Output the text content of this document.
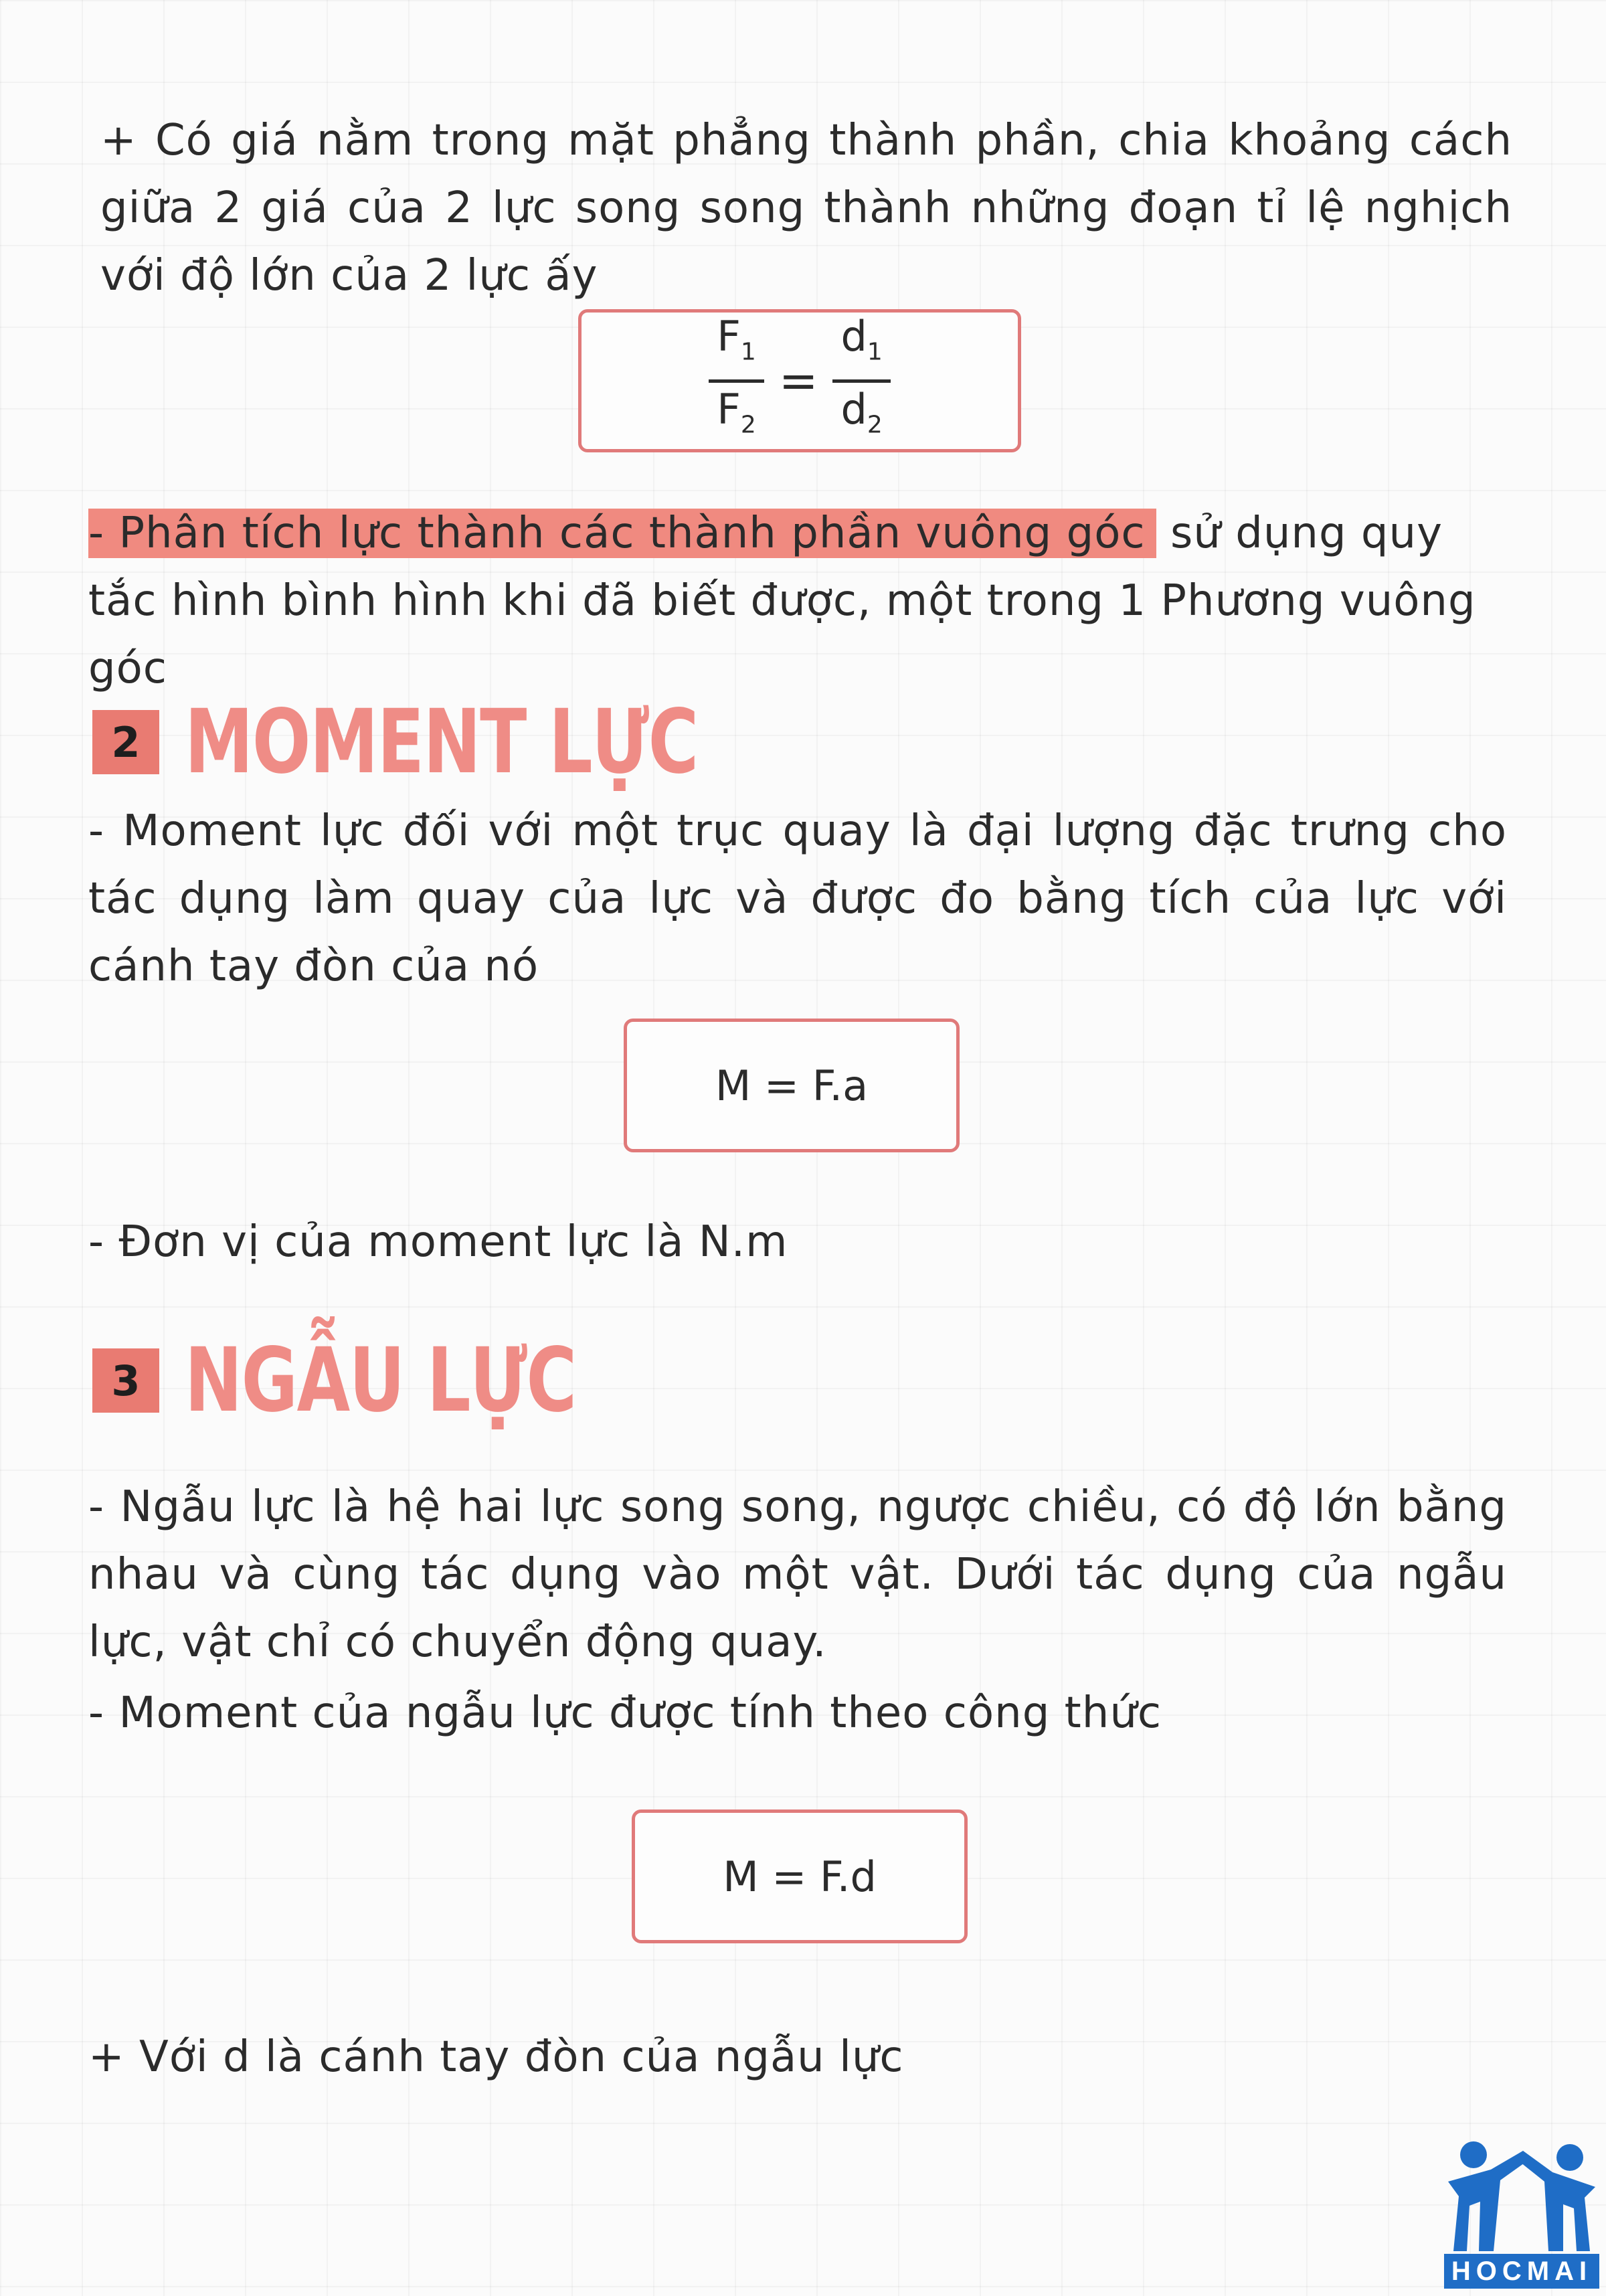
+ Có giá nằm trong mặt phẳng thành phần, chia khoảng cách giữa 2 giá của 2 lực song song thành những đoạn tỉ lệ nghịch với độ lớn của 2 lực ấy
$F_1$
$F_2$
=
$d_1$
$d_2$
- Phân tích lực thành các thành phần vuông góc sử dụng quy tắc hình bình hình khi đã biết được, một trong 1 Phương vuông góc
2 MOMENT LỰC
- Moment lực đối với một trục quay là đại lượng đặc trưng cho tác dụng làm quay của lực và được đo bằng tích của lực với cánh tay đòn của nó
M = F.a
- Đơn vị của moment lực là N.m
3 NGẪU LỰC
- Ngẫu lực là hệ hai lực song song, ngược chiều, có độ lớn bằng nhau và cùng tác dụng vào một vật. Dưới tác dụng của ngẫu lực, vật chỉ có chuyển động quay.
- Moment của ngẫu lực được tính theo công thức
M = F.d
+ Với d là cánh tay đòn của ngẫu lực
HOCMAI
